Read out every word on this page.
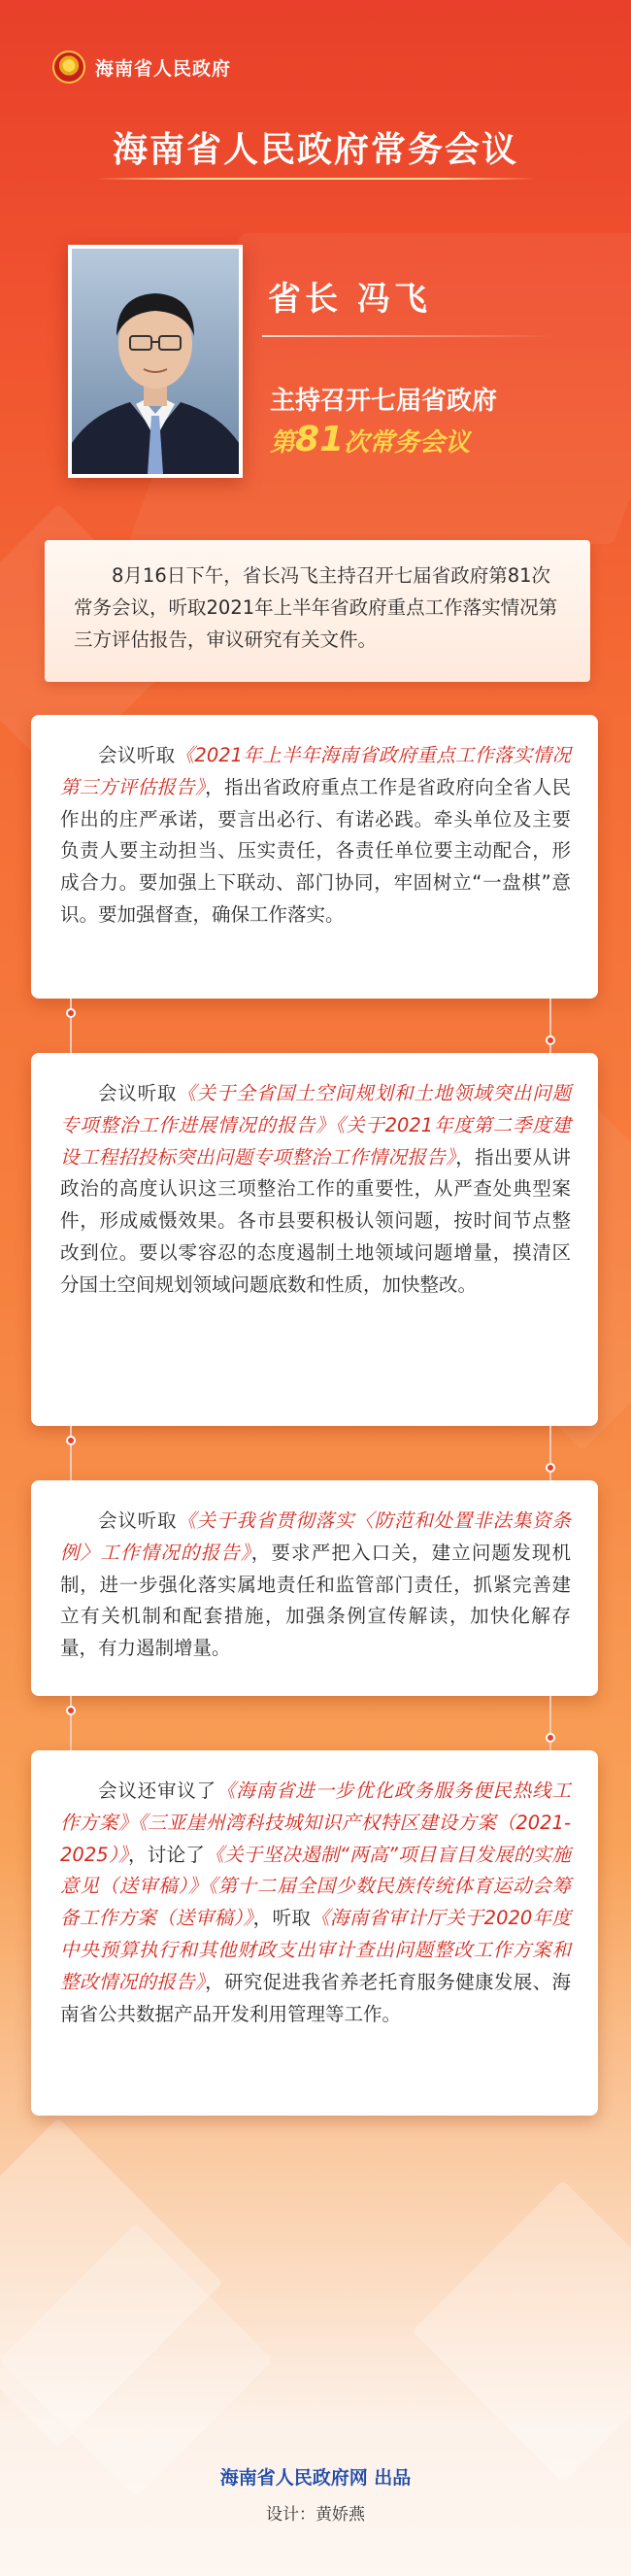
海南省人民政府
海南省人民政府常务会议
省长 冯飞
主持召开七届省政府
第81次常务会议
8月16日下午，省长冯飞主持召开七届省政府第81次常务会议，听取2021年上半年省政府重点工作落实情况第三方评估报告，审议研究有关文件。
会议听取《2021年上半年海南省政府重点工作落实情况第三方评估报告》，指出省政府重点工作是省政府向全省人民作出的庄严承诺，要言出必行、有诺必践。牵头单位及主要负责人要主动担当、压实责任，各责任单位要主动配合，形成合力。要加强上下联动、部门协同，牢固树立“一盘棋”意识。要加强督查，确保工作落实。
会议听取《关于全省国土空间规划和土地领域突出问题专项整治工作进展情况的报告》《关于2021年度第二季度建设工程招投标突出问题专项整治工作情况报告》，指出要从讲政治的高度认识这三项整治工作的重要性，从严查处典型案件，形成威慑效果。各市县要积极认领问题，按时间节点整改到位。要以零容忍的态度遏制土地领域问题增量，摸清区分国土空间规划领域问题底数和性质，加快整改。
会议听取《关于我省贯彻落实〈防范和处置非法集资条例〉工作情况的报告》，要求严把入口关，建立问题发现机制，进一步强化落实属地责任和监管部门责任，抓紧完善建立有关机制和配套措施，加强条例宣传解读，加快化解存量，有力遏制增量。
会议还审议了《海南省进一步优化政务服务便民热线工作方案》《三亚崖州湾科技城知识产权特区建设方案（2021-2025）》，讨论了《关于坚决遏制“两高”项目盲目发展的实施意见（送审稿）》《第十二届全国少数民族传统体育运动会筹备工作方案（送审稿）》，听取《海南省审计厅关于2020年度中央预算执行和其他财政支出审计查出问题整改工作方案和整改情况的报告》，研究促进我省养老托育服务健康发展、海南省公共数据产品开发利用管理等工作。
海南省人民政府网 出品
设计：黄娇燕
